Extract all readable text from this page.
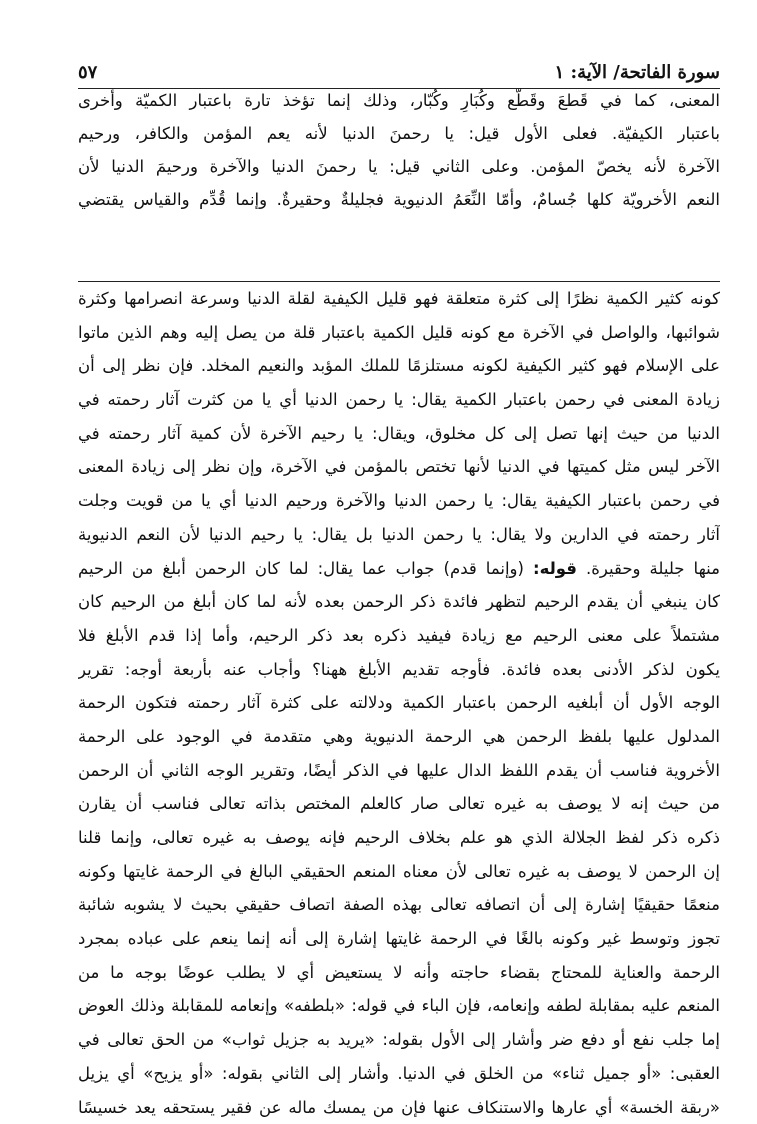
سورة الفاتحة/ الآية: ١
٥٧
المعنى، كما في قَطعَ وقَطّع وكُبَارِ وكُبّار، وذلك إنما تؤخذ تارة باعتبار الكميّة وأخرى
باعتبار الكيفيّة. فعلى الأول قيل: يا رحمنَ الدنيا لأنه يعم المؤمن والكافر، ورحيم
الآخرة لأنه يخصّ المؤمن. وعلى الثاني قيل: يا رحمنَ الدنيا والآخرة ورحيمَ الدنيا لأن
النعم الأخرويّة كلها جُسامٌ، وأمّا النِّعَمُ الدنيوية فجليلةٌ وحقيرةٌ. وإنما قُدِّم والقياس يقتضي
كونه كثير الكمية نظرًا إلى كثرة متعلقة فهو قليل الكيفية لقلة الدنيا وسرعة انصرامها وكثرة
شوائبها، والواصل في الآخرة مع كونه قليل الكمية باعتبار قلة من يصل إليه وهم الذين ماتوا
على الإسلام فهو كثير الكيفية لكونه مستلزمًا للملك المؤبد والنعيم المخلد. فإن نظر إلى أن
زيادة المعنى في رحمن باعتبار الكمية يقال: يا رحمن الدنيا أي يا من كثرت آثار رحمته في
الدنيا من حيث إنها تصل إلى كل مخلوق، ويقال: يا رحيم الآخرة لأن كمية آثار رحمته في
الآخر ليس مثل كميتها في الدنيا لأنها تختص بالمؤمن في الآخرة، وإن نظر إلى زيادة المعنى
في رحمن باعتبار الكيفية يقال: يا رحمن الدنيا والآخرة ورحيم الدنيا أي يا من قويت وجلت
آثار رحمته في الدارين ولا يقال: يا رحمن الدنيا بل يقال: يا رحيم الدنيا لأن النعم الدنيوية
منها جليلة وحقيرة. قوله: (وإنما قدم) جواب عما يقال: لما كان الرحمن أبلغ من الرحيم
كان ينبغي أن يقدم الرحيم لتظهر فائدة ذكر الرحمن بعده لأنه لما كان أبلغ من الرحيم كان
مشتملاً على معنى الرحيم مع زيادة فيفيد ذكره بعد ذكر الرحيم، وأما إذا قدم الأبلغ فلا
يكون لذكر الأدنى بعده فائدة. فأوجه تقديم الأبلغ ههنا؟ وأجاب عنه بأربعة أوجه: تقرير
الوجه الأول أن أبلغيه الرحمن باعتبار الكمية ودلالته على كثرة آثار رحمته فتكون الرحمة
المدلول عليها بلفظ الرحمن هي الرحمة الدنيوية وهي متقدمة في الوجود على الرحمة
الأخروية فناسب أن يقدم اللفظ الدال عليها في الذكر أيضًا، وتقرير الوجه الثاني أن الرحمن
من حيث إنه لا يوصف به غيره تعالى صار كالعلم المختص بذاته تعالى فناسب أن يقارن
ذكره ذكر لفظ الجلالة الذي هو علم بخلاف الرحيم فإنه يوصف به غيره تعالى، وإنما قلنا
إن الرحمن لا يوصف به غيره تعالى لأن معناه المنعم الحقيقي البالغ في الرحمة غايتها وكونه
منعمًا حقيقيًا إشارة إلى أن اتصافه تعالى بهذه الصفة اتصاف حقيقي بحيث لا يشوبه شائبة
تجوز وتوسط غير وكونه بالغًا في الرحمة غايتها إشارة إلى أنه إنما ينعم على عباده بمجرد
الرحمة والعناية للمحتاج بقضاء حاجته وأنه لا يستعيض أي لا يطلب عوضًا بوجه ما من
المنعم عليه بمقابلة لطفه وإنعامه، فإن الباء في قوله: «بلطفه» وإنعامه للمقابلة وذلك العوض
إما جلب نفع أو دفع ضر وأشار إلى الأول بقوله: «يريد به جزيل ثواب» من الحق تعالى في
العقبى: «أو جميل ثناء» من الخلق في الدنيا. وأشار إلى الثاني بقوله: «أو يزيح» أي يزيل
«ربقة الخسة» أي عارها والاستنكاف عنها فإن من يمسك ماله عن فقير يستحقه يعد خسيسًا
